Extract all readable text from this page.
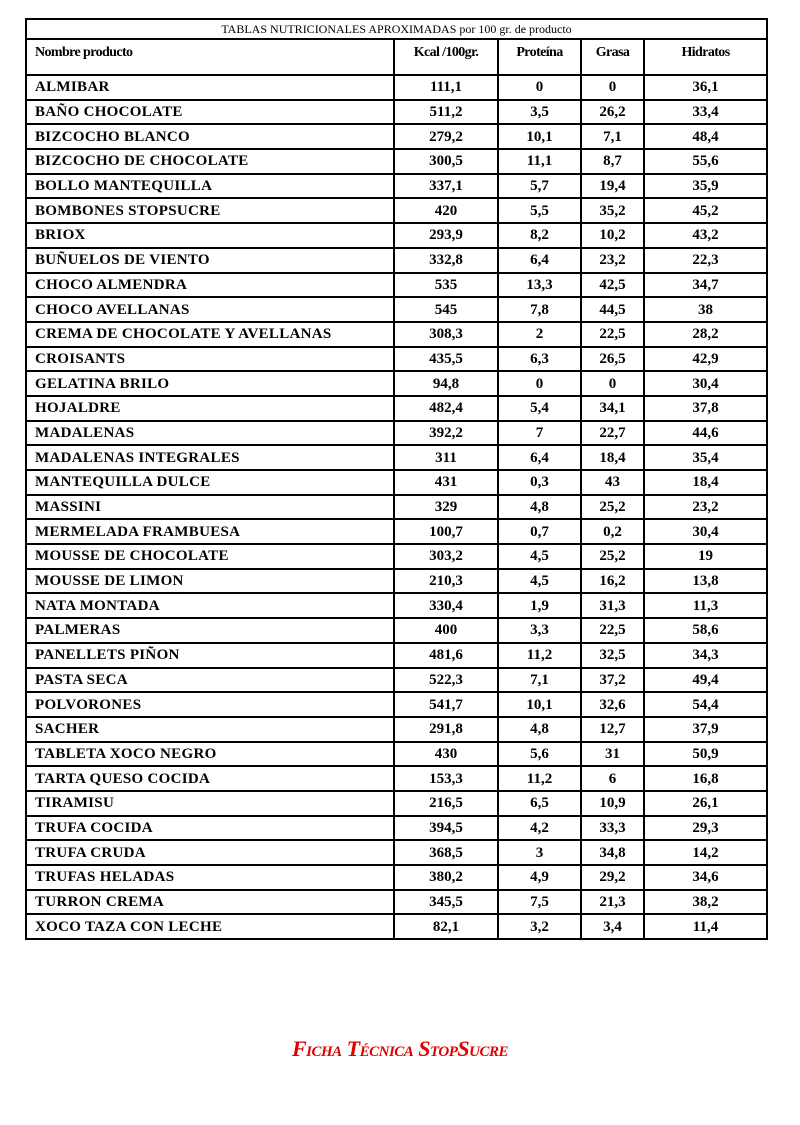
TABLAS NUTRICIONALES APROXIMADAS por 100 gr. de producto				
Nombre producto	Kcal /100gr.	Proteína	Grasa	Hidratos
ALMIBAR	111,1	0	0	36,1
BAÑO CHOCOLATE	511,2	3,5	26,2	33,4
BIZCOCHO BLANCO	279,2	10,1	7,1	48,4
BIZCOCHO DE CHOCOLATE	300,5	11,1	8,7	55,6
BOLLO MANTEQUILLA	337,1	5,7	19,4	35,9
BOMBONES STOPSUCRE	420	5,5	35,2	45,2
BRIOX	293,9	8,2	10,2	43,2
BUÑUELOS DE VIENTO	332,8	6,4	23,2	22,3
CHOCO ALMENDRA	535	13,3	42,5	34,7
CHOCO AVELLANAS	545	7,8	44,5	38
CREMA DE CHOCOLATE Y AVELLANAS	308,3	2	22,5	28,2
CROISANTS	435,5	6,3	26,5	42,9
GELATINA BRILO	94,8	0	0	30,4
HOJALDRE	482,4	5,4	34,1	37,8
MADALENAS	392,2	7	22,7	44,6
MADALENAS INTEGRALES	311	6,4	18,4	35,4
MANTEQUILLA DULCE	431	0,3	43	18,4
MASSINI	329	4,8	25,2	23,2
MERMELADA FRAMBUESA	100,7	0,7	0,2	30,4
MOUSSE DE CHOCOLATE	303,2	4,5	25,2	19
MOUSSE DE LIMON	210,3	4,5	16,2	13,8
NATA MONTADA	330,4	1,9	31,3	11,3
PALMERAS	400	3,3	22,5	58,6
PANELLETS PIÑON	481,6	11,2	32,5	34,3
PASTA SECA	522,3	7,1	37,2	49,4
POLVORONES	541,7	10,1	32,6	54,4
SACHER	291,8	4,8	12,7	37,9
TABLETA XOCO NEGRO	430	5,6	31	50,9
TARTA QUESO COCIDA	153,3	11,2	6	16,8
TIRAMISU	216,5	6,5	10,9	26,1
TRUFA COCIDA	394,5	4,2	33,3	29,3
TRUFA CRUDA	368,5	3	34,8	14,2
TRUFAS HELADAS	380,2	4,9	29,2	34,6
TURRON CREMA	345,5	7,5	21,3	38,2
XOCO TAZA CON LECHE	82,1	3,2	3,4	11,4
Ficha Técnica StopSucre
